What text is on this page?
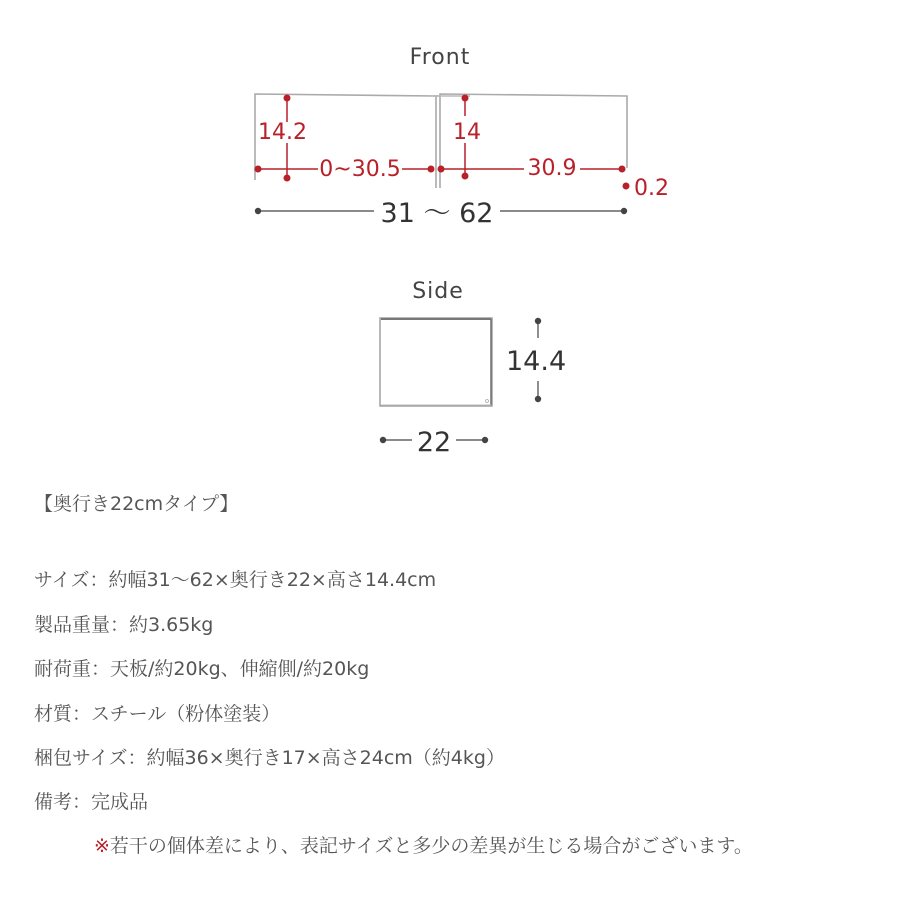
Front
14.2
0~30.5
14
30.9
0.2
31 〜 62
Side
14.4
22
【奥行き22cmタイプ】
サイズ：約幅31〜62×奥行き22×高さ14.4cm
製品重量：約3.65kg
耐荷重：天板/約20kg、伸縮側/約20kg
材質：スチール（粉体塗装）
梱包サイズ：約幅36×奥行き17×高さ24cm（約4kg）
備考：完成品
※若干の個体差により、表記サイズと多少の差異が生じる場合がございます。
